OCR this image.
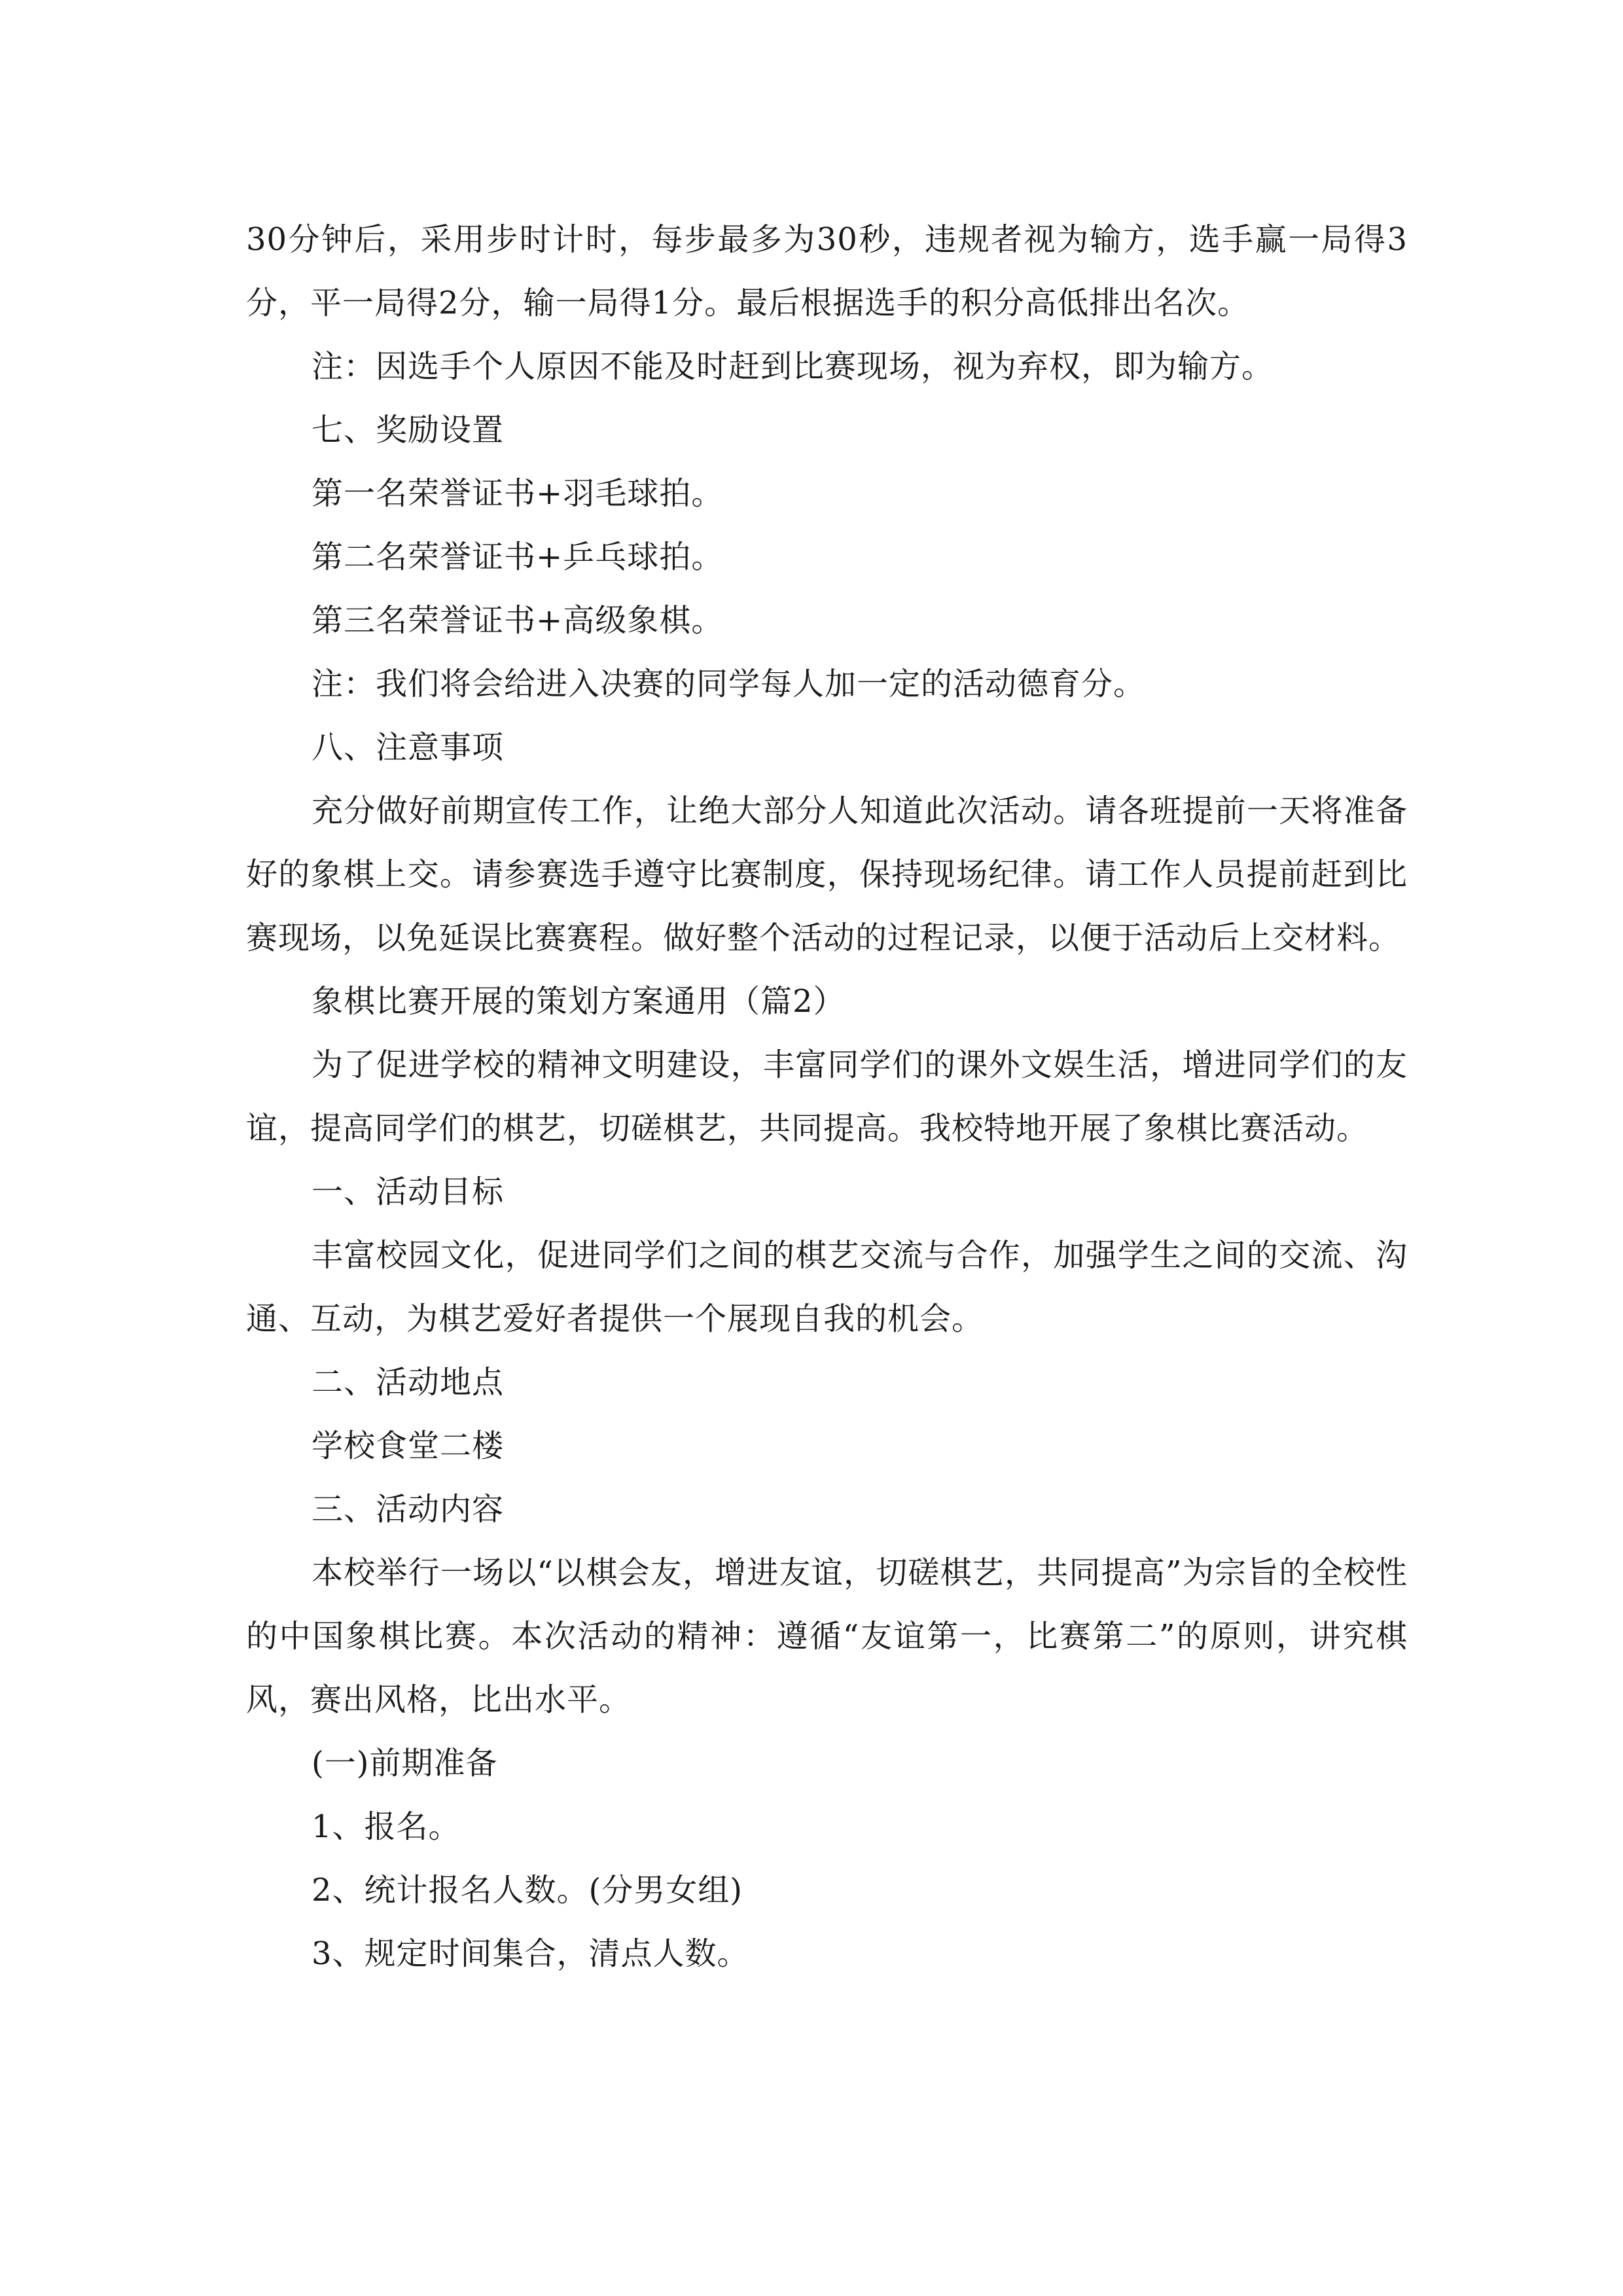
30分钟后，采用步时计时，每步最多为30秒，违规者视为输方，选手赢一局得3分，平一局得2分，输一局得1分。最后根据选手的积分高低排出名次。

注：因选手个人原因不能及时赶到比赛现场，视为弃权，即为输方。

七、奖励设置

第一名荣誉证书+羽毛球拍。

第二名荣誉证书+乒乓球拍。

第三名荣誉证书+高级象棋。

注：我们将会给进入决赛的同学每人加一定的活动德育分。

八、注意事项

充分做好前期宣传工作，让绝大部分人知道此次活动。请各班提前一天将准备好的象棋上交。请参赛选手遵守比赛制度，保持现场纪律。请工作人员提前赶到比赛现场，以免延误比赛赛程。做好整个活动的过程记录，以便于活动后上交材料。

象棋比赛开展的策划方案通用（篇2）

为了促进学校的精神文明建设，丰富同学们的课外文娱生活，增进同学们的友谊，提高同学们的棋艺，切磋棋艺，共同提高。我校特地开展了象棋比赛活动。

一、活动目标

丰富校园文化，促进同学们之间的棋艺交流与合作，加强学生之间的交流、沟通、互动，为棋艺爱好者提供一个展现自我的机会。

二、活动地点

学校食堂二楼

三、活动内容

本校举行一场以“以棋会友，增进友谊，切磋棋艺，共同提高”为宗旨的全校性的中国象棋比赛。本次活动的精神：遵循“友谊第一，比赛第二”的原则，讲究棋风，赛出风格，比出水平。

(一)前期准备

1、报名。

2、统计报名人数。(分男女组)

3、规定时间集合，清点人数。
